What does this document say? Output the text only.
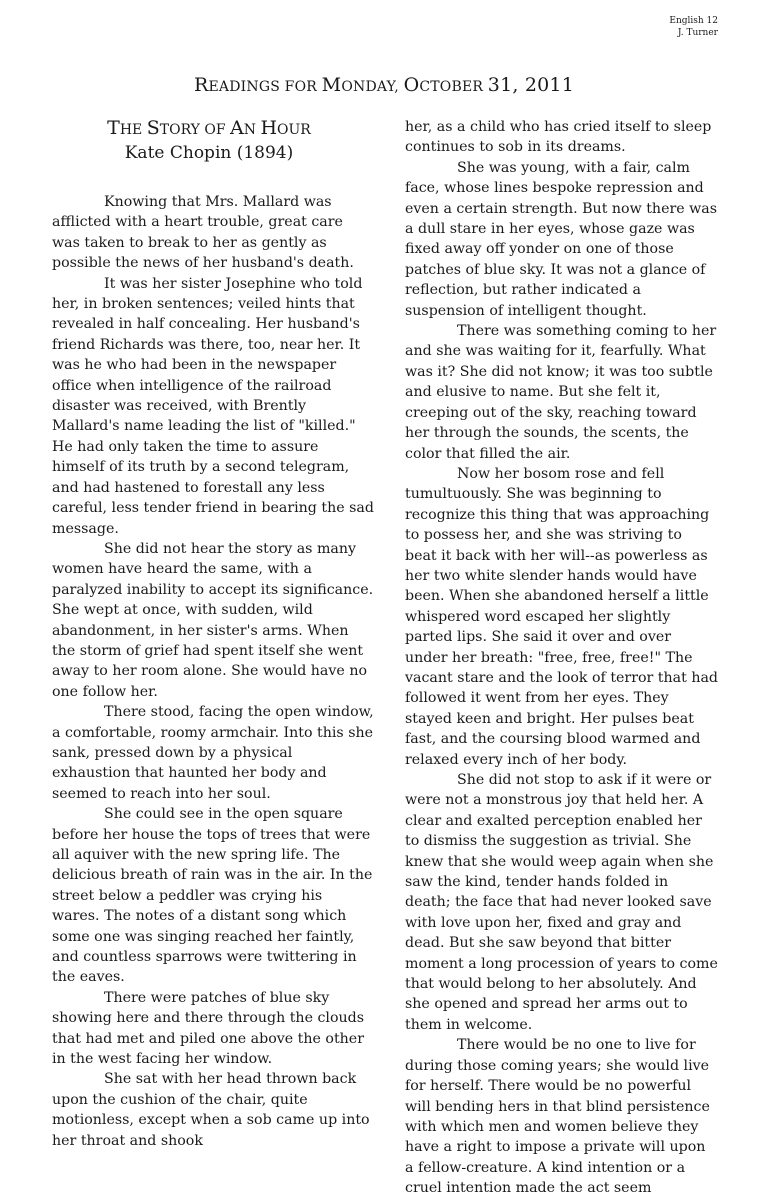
English 12
J. Turner
READINGS FOR MONDAY, OCTOBER 31, 2011
THE STORY OF AN HOUR
Kate Chopin (1894)

Knowing that Mrs. Mallard was afflicted with a heart trouble, great care was taken to break to her as gently as possible the news of her husband's death.

It was her sister Josephine who told her, in broken sentences; veiled hints that revealed in half concealing. Her husband's friend Richards was there, too, near her. It was he who had been in the newspaper office when intelligence of the railroad disaster was received, with Brently Mallard's name leading the list of "killed." He had only taken the time to assure himself of its truth by a second telegram, and had hastened to forestall any less careful, less tender friend in bearing the sad message.

She did not hear the story as many women have heard the same, with a paralyzed inability to accept its significance. She wept at once, with sudden, wild abandonment, in her sister's arms. When the storm of grief had spent itself she went away to her room alone. She would have no one follow her.

There stood, facing the open window, a comfortable, roomy armchair. Into this she sank, pressed down by a physical exhaustion that haunted her body and seemed to reach into her soul.

She could see in the open square before her house the tops of trees that were all aquiver with the new spring life. The delicious breath of rain was in the air. In the street below a peddler was crying his wares. The notes of a distant song which some one was singing reached her faintly, and countless sparrows were twittering in the eaves.

There were patches of blue sky showing here and there through the clouds that had met and piled one above the other in the west facing her window.

She sat with her head thrown back upon the cushion of the chair, quite motionless, except when a sob came up into her throat and shook

her, as a child who has cried itself to sleep continues to sob in its dreams.

She was young, with a fair, calm face, whose lines bespoke repression and even a certain strength. But now there was a dull stare in her eyes, whose gaze was fixed away off yonder on one of those patches of blue sky. It was not a glance of reflection, but rather indicated a suspension of intelligent thought.

There was something coming to her and she was waiting for it, fearfully. What was it? She did not know; it was too subtle and elusive to name. But she felt it, creeping out of the sky, reaching toward her through the sounds, the scents, the color that filled the air.

Now her bosom rose and fell tumultuously. She was beginning to recognize this thing that was approaching to possess her, and she was striving to beat it back with her will--as powerless as her two white slender hands would have been. When she abandoned herself a little whispered word escaped her slightly parted lips. She said it over and over under her breath: "free, free, free!" The vacant stare and the look of terror that had followed it went from her eyes. They stayed keen and bright. Her pulses beat fast, and the coursing blood warmed and relaxed every inch of her body.

She did not stop to ask if it were or were not a monstrous joy that held her. A clear and exalted perception enabled her to dismiss the suggestion as trivial. She knew that she would weep again when she saw the kind, tender hands folded in death; the face that had never looked save with love upon her, fixed and gray and dead. But she saw beyond that bitter moment a long procession of years to come that would belong to her absolutely. And she opened and spread her arms out to them in welcome.

There would be no one to live for during those coming years; she would live for herself. There would be no powerful will bending hers in that blind persistence with which men and women believe they have a right to impose a private will upon a fellow-creature. A kind intention or a cruel intention made the act seem
